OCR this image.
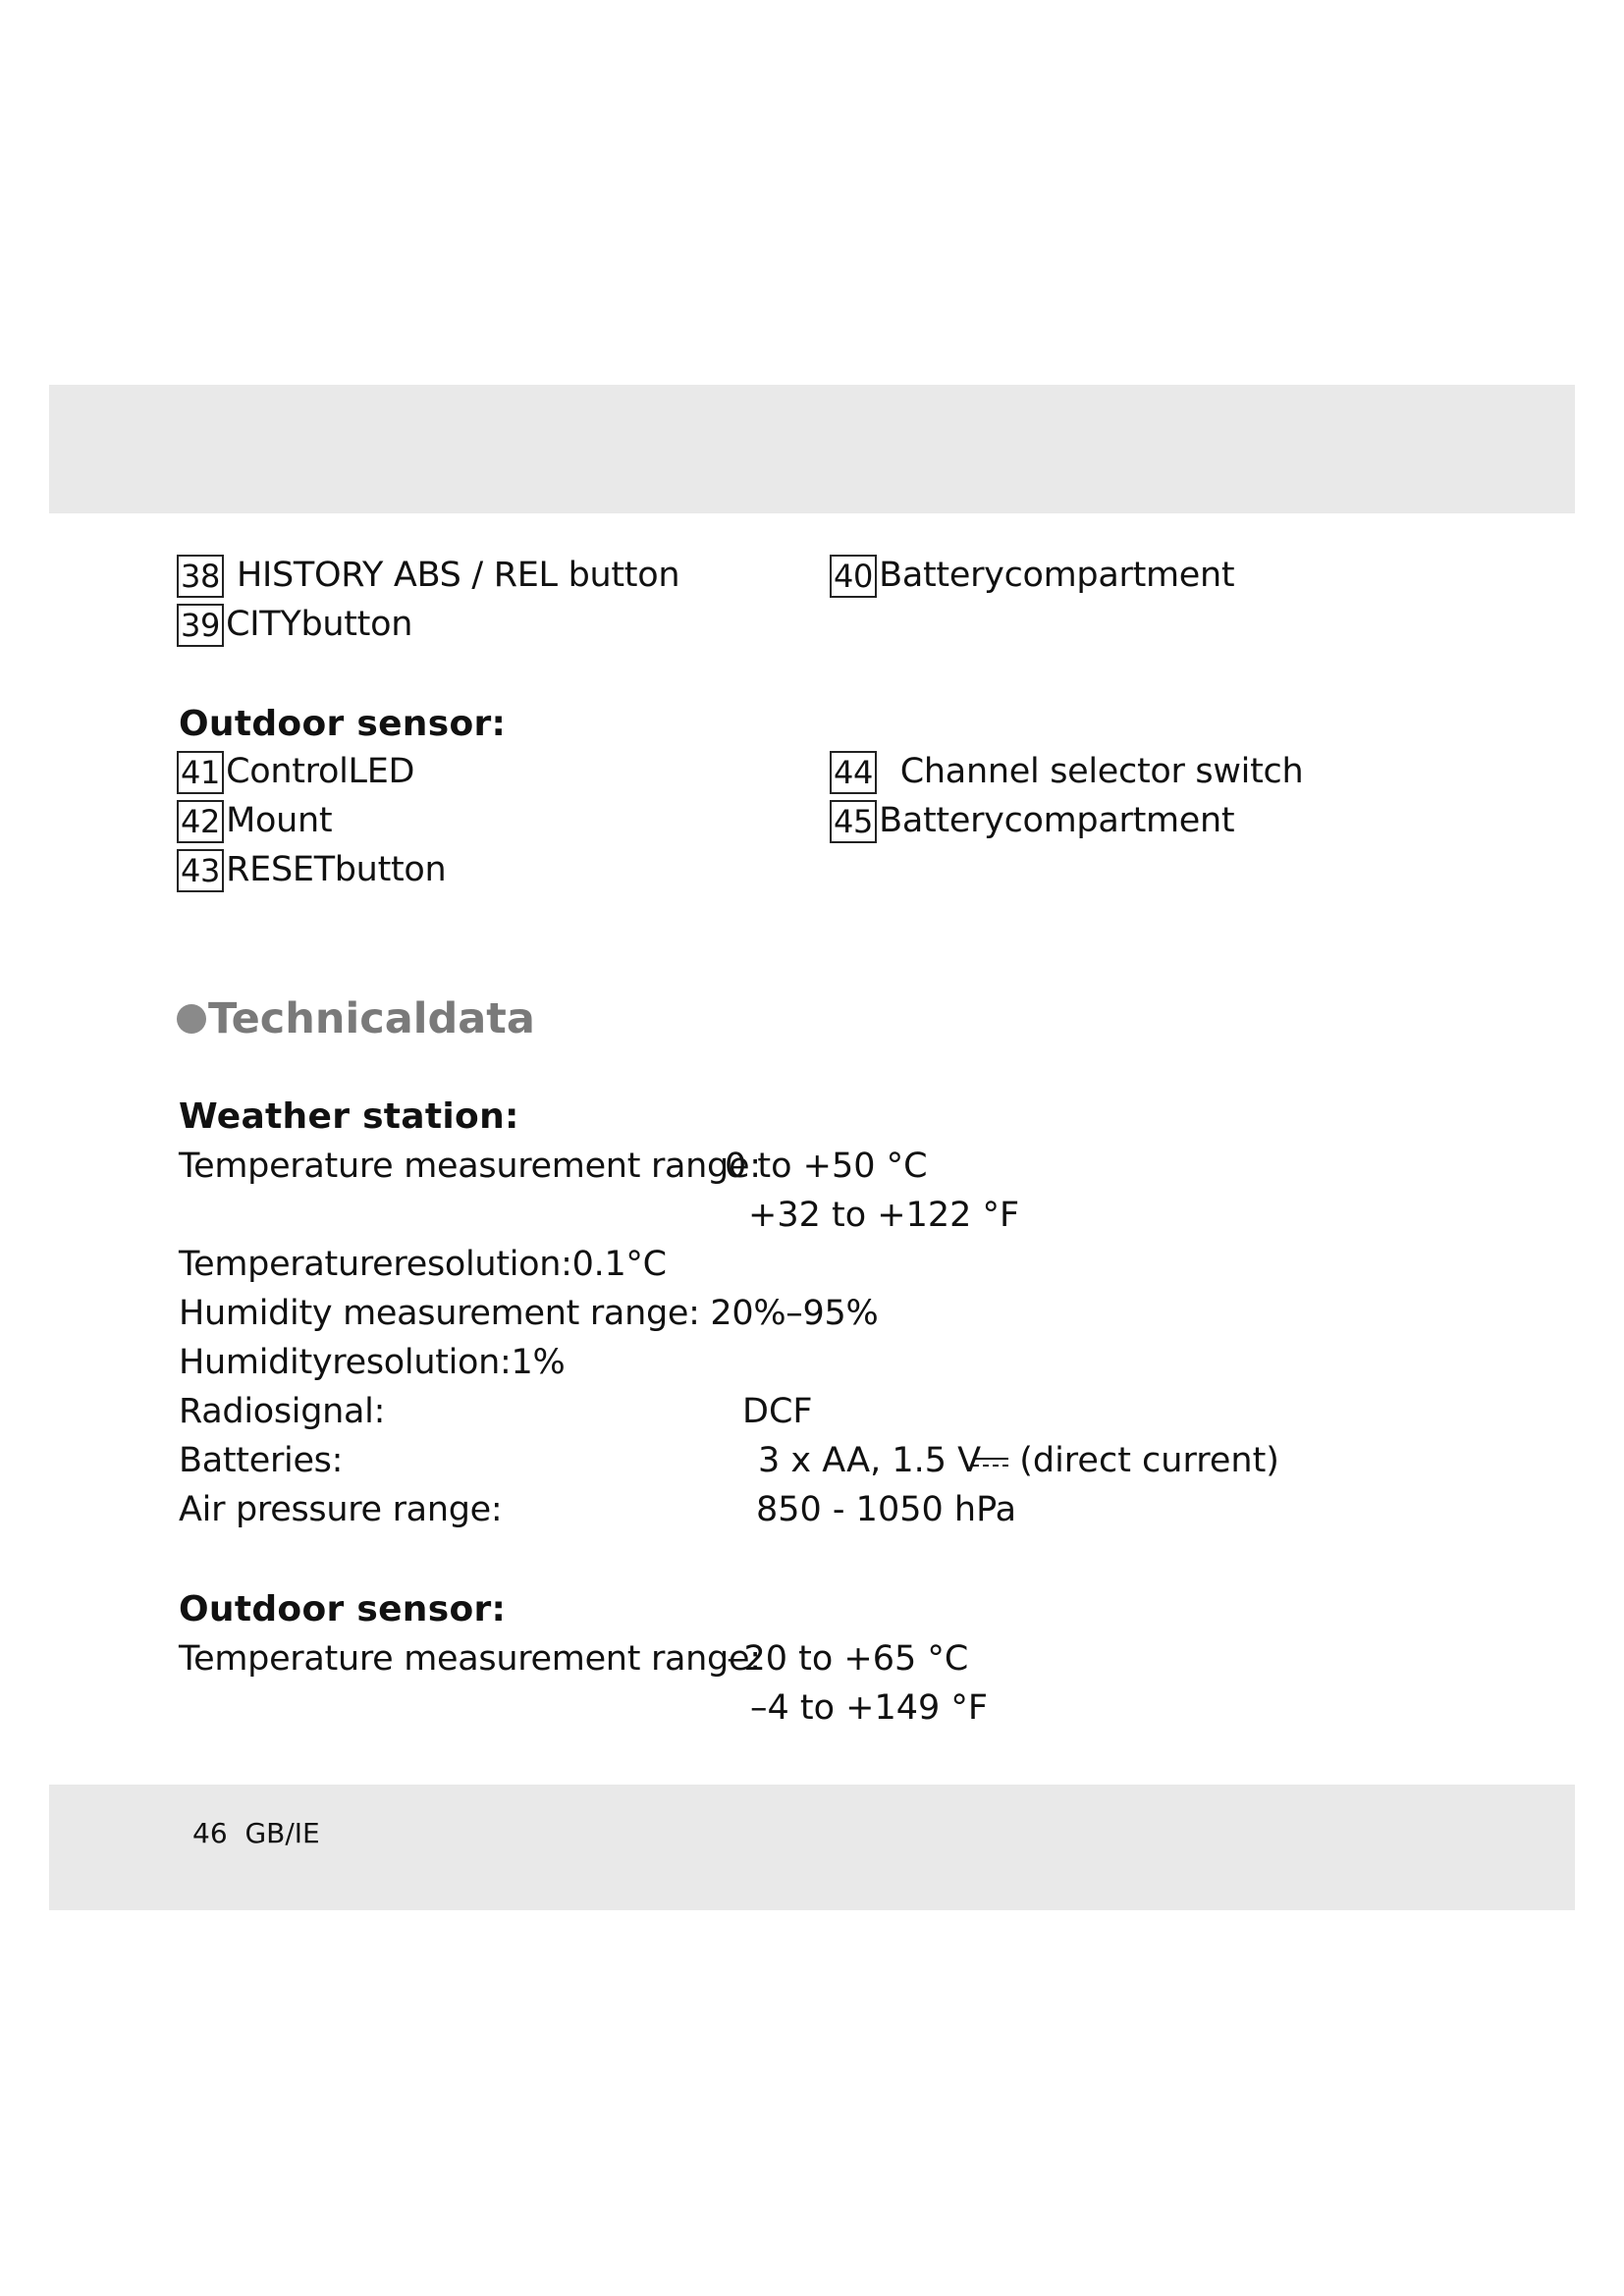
38 HISTORY ABS / REL button
39 CITYbutton
40 Batterycompartment
Outdoor sensor:
41 ControlLED
42 Mount
43 RESETbutton
44  Channel selector switch
45 Batterycompartment
Technicaldata
Weather station:
Temperature measurement range:
0 to +50 °C
+32 to +122 °F
Temperatureresolution:0.1°C
Humidity measurement range: 20%–95%
Humidityresolution:1%
Radiosignal:	DCF
Batteries:	3 x AA, 1.5 V (direct current)
Air pressure range:	850 - 1050 hPa
Outdoor sensor:
Temperature measurement range:
–20 to +65 °C
–4 to +149 °F
46 GB/IE
